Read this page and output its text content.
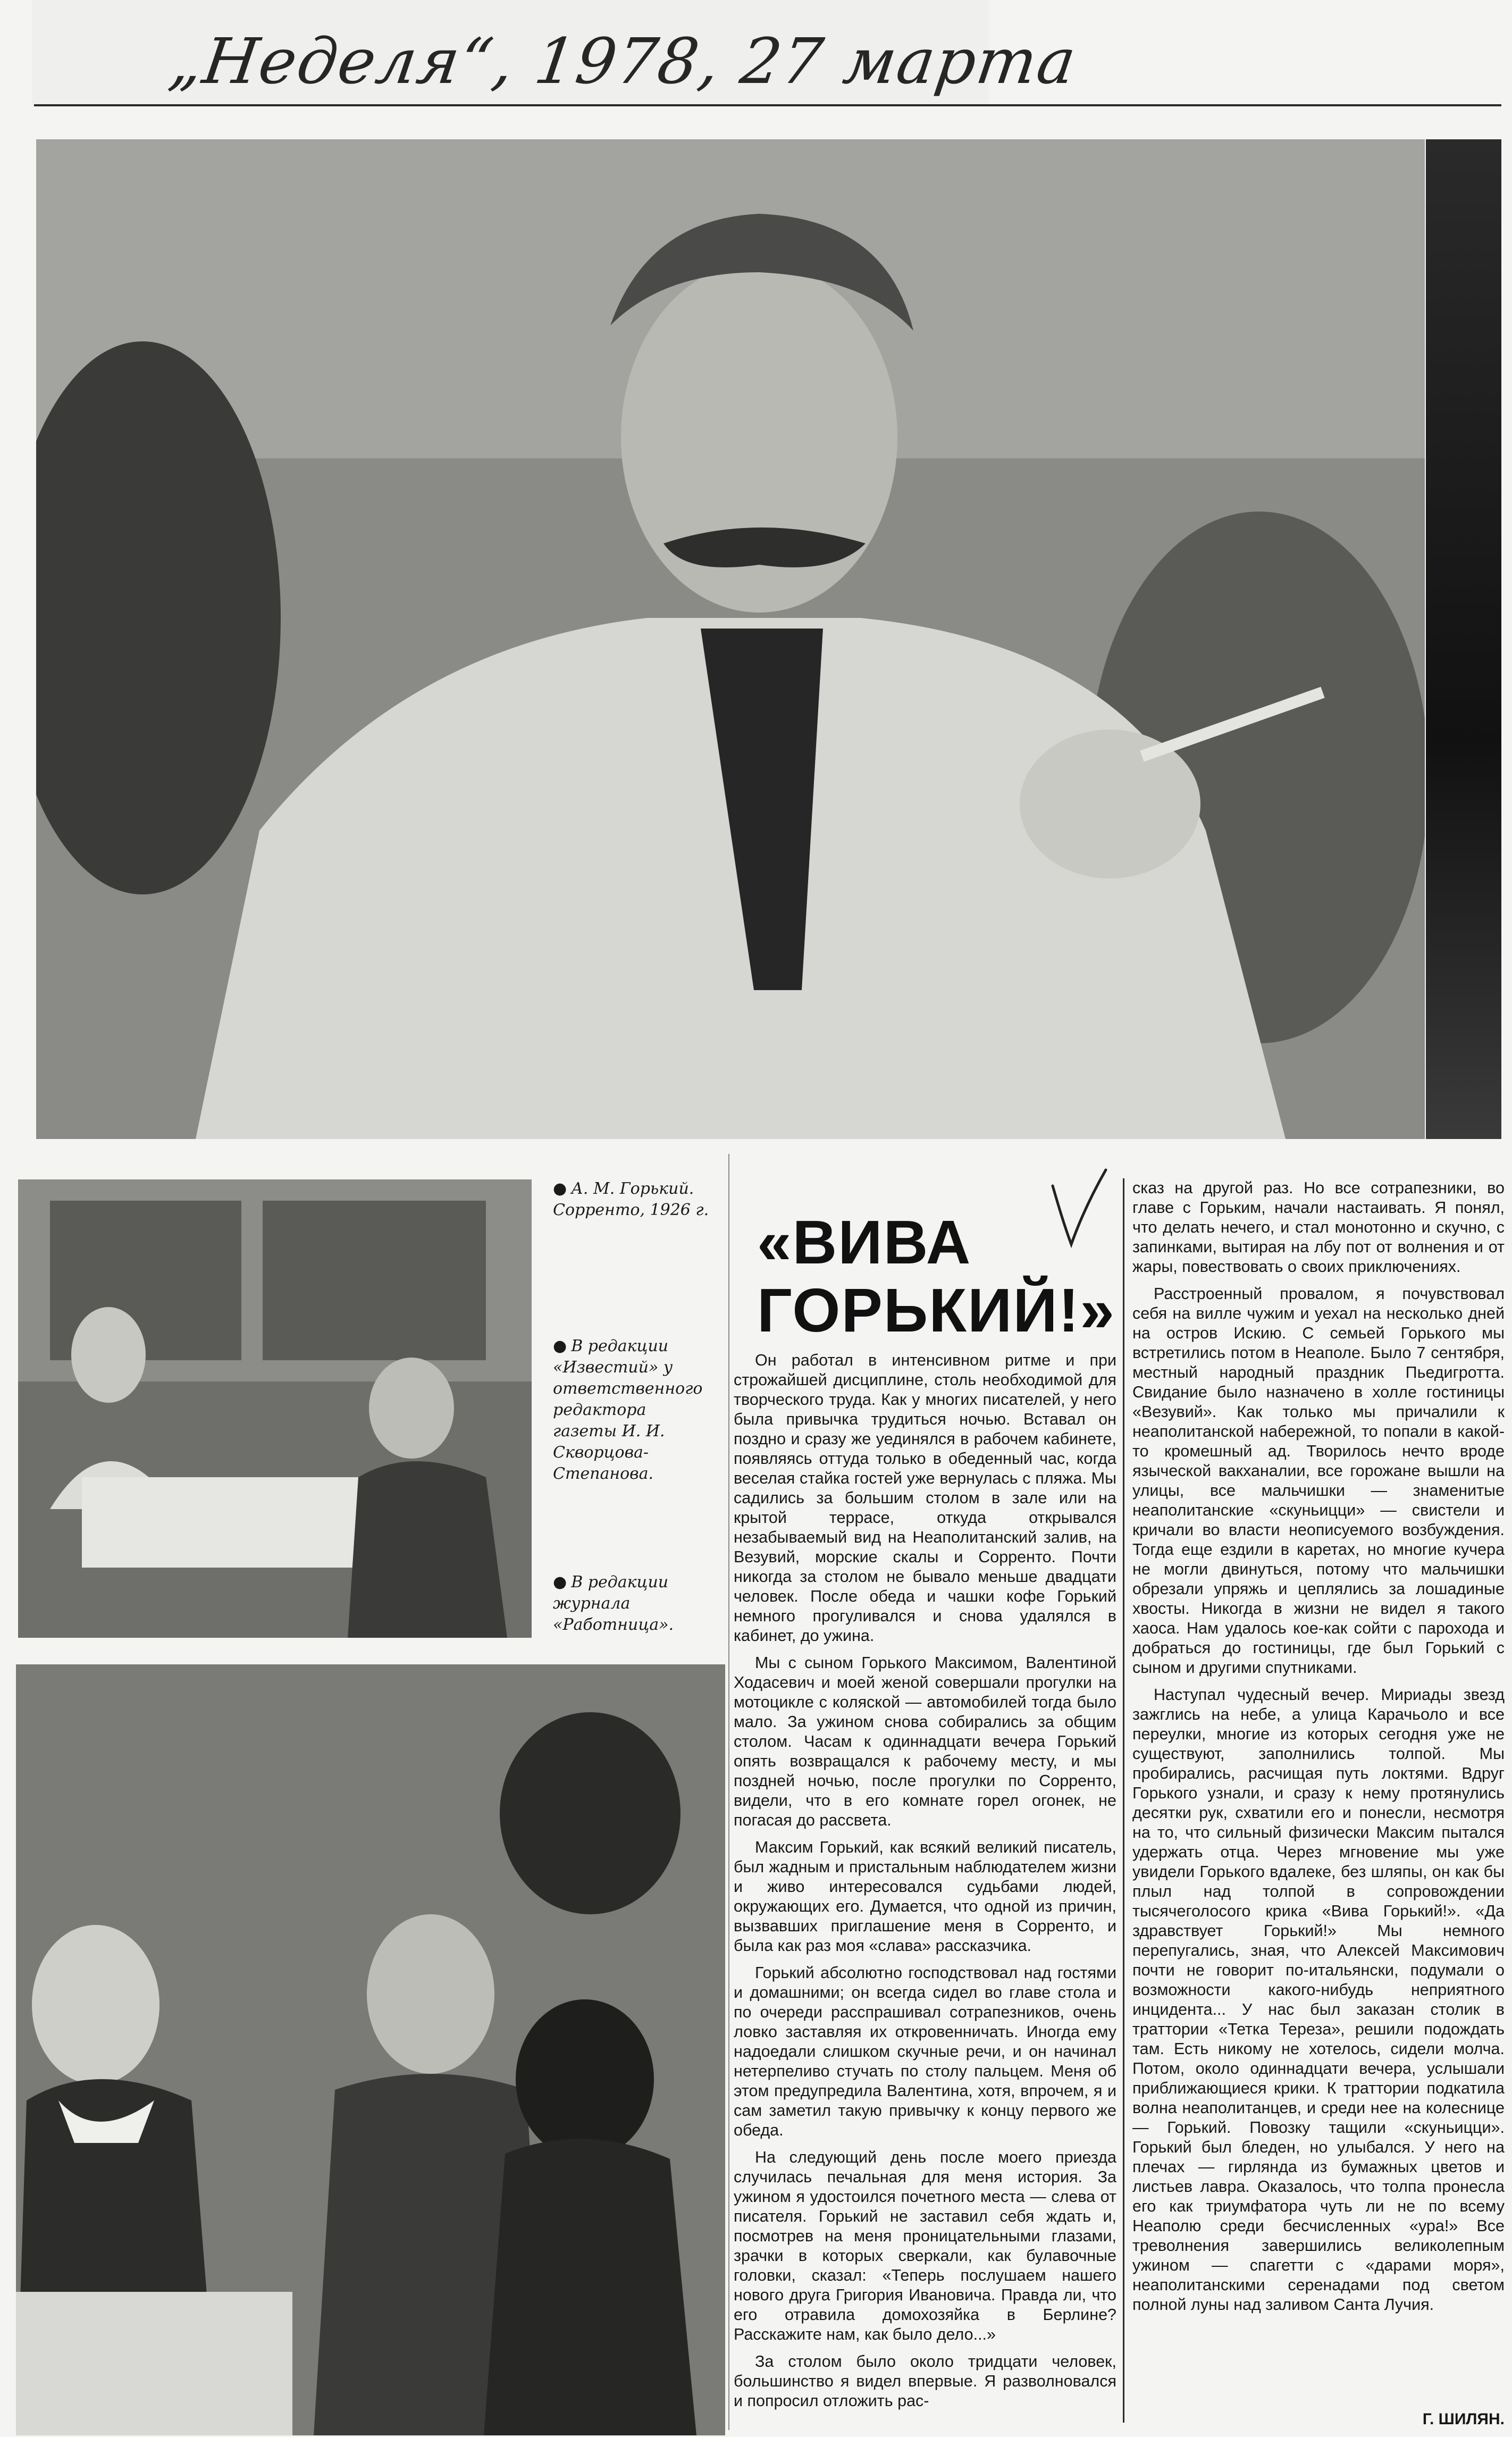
„Неделя“, 1978, 27 марта
● А. М. Горький. Сорренто, 1926 г.
● В редакции «Известий» у ответственного редактора газеты И. И. Скворцова-Степанова.
● В редакции журнала «Работница».
«ВИВА
ГОРЬКИЙ!»

Он работал в интенсивном ритме и при строжайшей дисциплине, столь необходимой для творческого труда. Как у многих писателей, у него была привычка трудиться ночью. Вставал он поздно и сразу же уединялся в рабочем кабинете, появляясь оттуда только в обеденный час, когда веселая стайка гостей уже вернулась с пляжа. Мы садились за большим столом в зале или на крытой террасе, откуда открывался незабываемый вид на Неаполитанский залив, на Везувий, морские скалы и Сорренто. Почти никогда за столом не бывало меньше двадцати человек. После обеда и чашки кофе Горький немного прогуливался и снова удалялся в кабинет, до ужина.

Мы с сыном Горького Максимом, Валентиной Ходасевич и моей женой совершали прогулки на мотоцикле с коляской — автомобилей тогда было мало. За ужином снова собирались за общим столом. Часам к одиннадцати вечера Горький опять возвращался к рабочему месту, и мы поздней ночью, после прогулки по Сорренто, видели, что в его комнате горел огонек, не погасая до рассвета.

Максим Горький, как всякий великий писатель, был жадным и пристальным наблюдателем жизни и живо интересовался судьбами людей, окружающих его. Думается, что одной из причин, вызвавших приглашение меня в Сорренто, и была как раз моя «слава» рассказчика.

Горький абсолютно господствовал над гостями и домашними; он всегда сидел во главе стола и по очереди расспрашивал сотрапезников, очень ловко заставляя их откровенничать. Иногда ему надоедали слишком скучные речи, и он начинал нетерпеливо стучать по столу пальцем. Меня об этом предупредила Валентина, хотя, впрочем, я и сам заметил такую привычку к концу первого же обеда.

На следующий день после моего приезда случилась печальная для меня история. За ужином я удостоился почетного места — слева от писателя. Горький не заставил себя ждать и, посмотрев на меня проницательными глазами, зрачки в которых сверкали, как булавочные головки, сказал: «Теперь послушаем нашего нового друга Григория Ивановича. Правда ли, что его отравила домохозяйка в Берлине? Расскажите нам, как было дело...»

За столом было около тридцати человек, большинство я видел впервые. Я разволновался и попросил отложить рас-

сказ на другой раз. Но все сотрапезники, во главе с Горьким, начали настаивать. Я понял, что делать нечего, и стал монотонно и скучно, с запинками, вытирая на лбу пот от волнения и от жары, повествовать о своих приключениях.

Расстроенный провалом, я почувствовал себя на вилле чужим и уехал на несколько дней на остров Искию. С семьей Горького мы встретились потом в Неаполе. Было 7 сентября, местный народный праздник Пьедигротта. Свидание было назначено в холле гостиницы «Везувий». Как только мы причалили к неаполитанской набережной, то попали в какой-то кромешный ад. Творилось нечто вроде языческой вакханалии, все горожане вышли на улицы, все мальчишки — знаменитые неаполитанские «скуньицци» — свистели и кричали во власти неописуемого возбуждения. Тогда еще ездили в каретах, но многие кучера не могли двинуться, потому что мальчишки обрезали упряжь и цеплялись за лошадиные хвосты. Никогда в жизни не видел я такого хаоса. Нам удалось кое-как сойти с парохода и добраться до гостиницы, где был Горький с сыном и другими спутниками.

Наступал чудесный вечер. Мириады звезд зажглись на небе, а улица Карачьоло и все переулки, многие из которых сегодня уже не существуют, заполнились толпой. Мы пробирались, расчищая путь локтями. Вдруг Горького узнали, и сразу к нему протянулись десятки рук, схватили его и понесли, несмотря на то, что сильный физически Максим пытался удержать отца. Через мгновение мы уже увидели Горького вдалеке, без шляпы, он как бы плыл над толпой в сопровождении тысячеголосого крика «Вива Горький!». «Да здравствует Горький!» Мы немного перепугались, зная, что Алексей Максимович почти не говорит по-итальянски, подумали о возможности какого-нибудь неприятного инцидента... У нас был заказан столик в траттории «Тетка Тереза», решили подождать там. Есть никому не хотелось, сидели молча. Потом, около одиннадцати вечера, услышали приближающиеся крики. К траттории подкатила волна неаполитанцев, и среди нее на колеснице — Горький. Повозку тащили «скуньицци». Горький был бледен, но улыбался. У него на плечах — гирлянда из бумажных цветов и листьев лавра. Оказалось, что толпа пронесла его как триумфатора чуть ли не по всему Неаполю среди бесчисленных «ура!» Все треволнения завершились великолепным ужином — спагетти с «дарами моря», неаполитанскими серенадами под светом полной луны над заливом Санта Лучия.

Г. ШИЛЯН.
